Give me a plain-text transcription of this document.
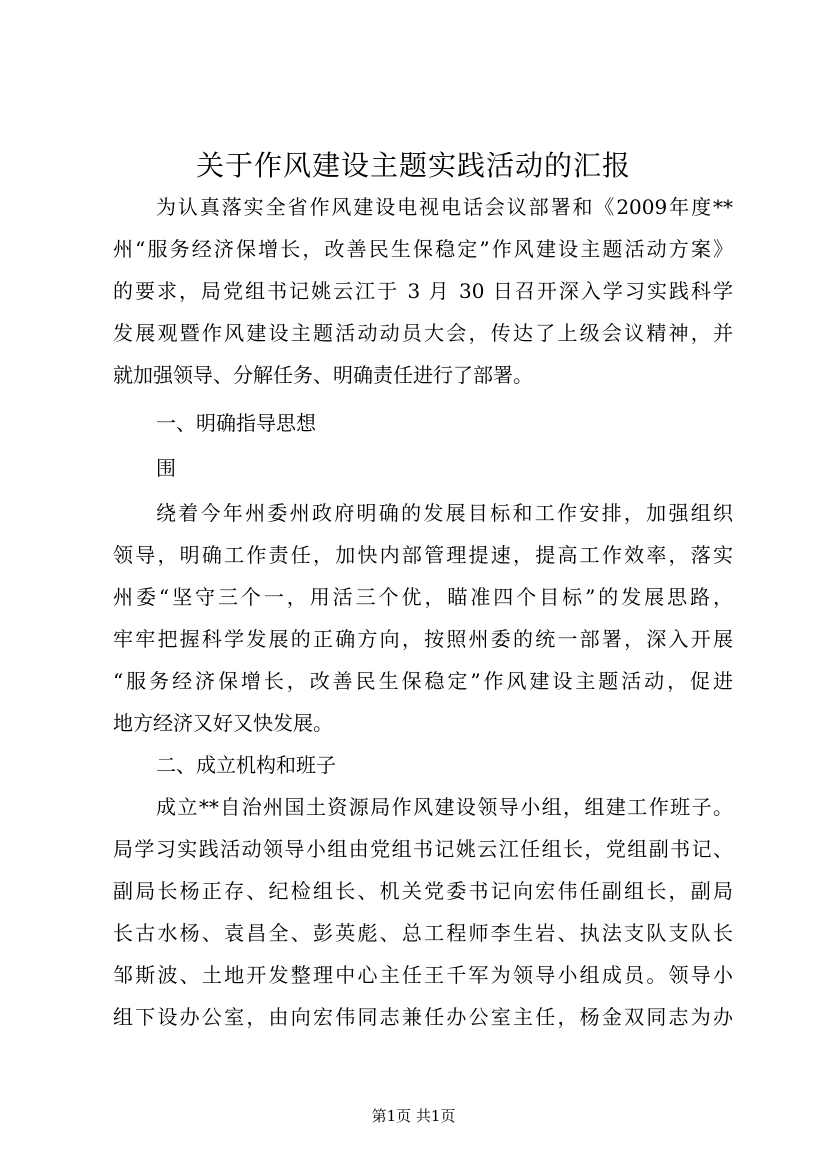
关于作风建设主题实践活动的汇报

为认真落实全省作风建设电视电话会议部署和《2009年度**

州“服务经济保增长，改善民生保稳定”作风建设主题活动方案》

的要求，局党组书记姚云江于 3 月 30 日召开深入学习实践科学

发展观暨作风建设主题活动动员大会，传达了上级会议精神，并

就加强领导、分解任务、明确责任进行了部署。

一、明确指导思想

围

绕着今年州委州政府明确的发展目标和工作安排，加强组织

领导，明确工作责任，加快内部管理提速，提高工作效率，落实

州委“坚守三个一，用活三个优，瞄准四个目标”的发展思路，

牢牢把握科学发展的正确方向，按照州委的统一部署，深入开展

“服务经济保增长，改善民生保稳定”作风建设主题活动，促进

地方经济又好又快发展。

二、成立机构和班子

成立**自治州国土资源局作风建设领导小组，组建工作班子。

局学习实践活动领导小组由党组书记姚云江任组长，党组副书记、

副局长杨正存、纪检组长、机关党委书记向宏伟任副组长，副局

长古水杨、袁昌全、彭英彪、总工程师李生岩、执法支队支队长

邹斯波、土地开发整理中心主任王千军为领导小组成员。领导小

组下设办公室，由向宏伟同志兼任办公室主任，杨金双同志为办

第1页 共1页
